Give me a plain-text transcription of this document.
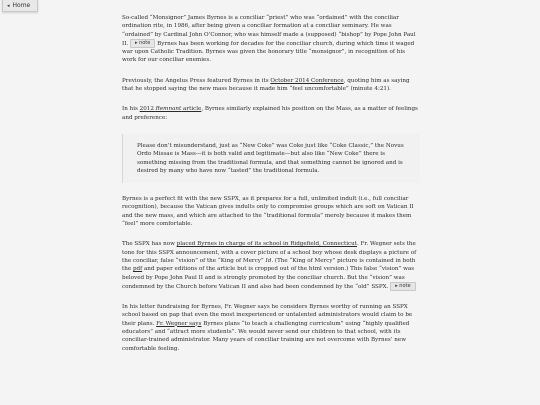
◂ Home

So-called “Monsignor” James Byrnes is a conciliar “priest” who was “ordained” with the conciliar ordination rite, in 1986, after being given a conciliar formation at a conciliar seminary. He was “ordained” by Cardinal John O’Connor, who was himself made a (supposed) “bishop” by Pope John Paul II. ▸ note Byrnes has been working for decades for the conciliar church, during which time it waged war upon Catholic Tradition. Byrnes was given the honorary title “monsignor”, in recognition of his work for our conciliar enemies.

Previously, the Angelus Press featured Byrnes in its October 2014 Conference, quoting him as saying that he stopped saying the new mass because it made him “feel uncomfortable” (minute 4:21).

In his 2012 Remnant article, Byrnes similarly explained his position on the Mass, as a matter of feelings and preference:

Please don’t misunderstand, just as “New Coke” was Coke just like “Coke Classic,” the Novus Ordo Missae is Mass—it is both valid and legitimate—but also like “New Coke” there is something missing from the traditional formula, and that something cannot be ignored and is desired by many who have now “tasted” the traditional formula.

Byrnes is a perfect fit with the new SSPX, as it prepares for a full, unlimited indult (i.e., full conciliar recognition), because the Vatican gives indults only to compromise groups which are soft on Vatican II and the new mass, and which are attached to the “traditional formula” merely because it makes them “feel” more comfortable.

The SSPX has now placed Byrnes in charge of its school in Ridgefield, Connecticut. Fr. Wegner sets the tone for this SSPX announcement, with a cover picture of a school boy whose desk displays a picture of the conciliar, false “vision” of the “King of Mercy” Id. (The “King of Mercy” picture is contained in both the pdf and paper editions of the article but is cropped out of the html version.) This false “vision” was beloved by Pope John Paul II and is strongly promoted by the conciliar church. But the “vision” was condemned by the Church before Vatican II and also had been condemned by the “old” SSPX. ▸ note

In his letter fundraising for Byrnes, Fr. Wegner says he considers Byrnes worthy of running an SSPX school based on pap that even the most inexperienced or untalented administrators would claim to be their plans. Fr. Wegner says Byrnes plans “to teach a challenging curriculum” using “highly qualified educators” and “attract more students”. We would never send our children to that school, with its conciliar-trained administrator. Many years of conciliar training are not overcome with Byrnes’ new comfortable feeling.
